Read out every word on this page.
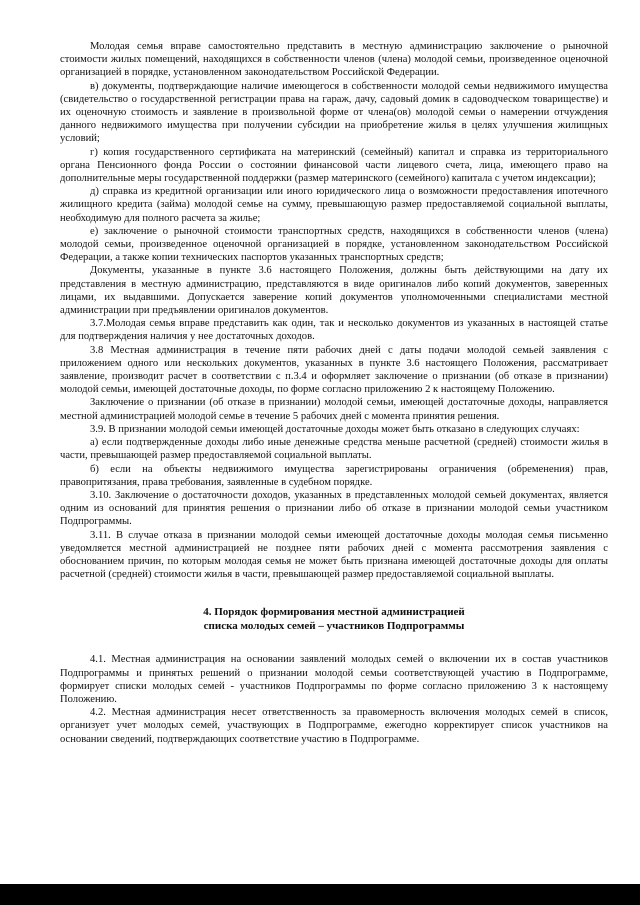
Молодая семья вправе самостоятельно представить в местную администрацию заключение о рыночной стоимости жилых помещений, находящихся в собственности членов (члена) молодой семьи, произведенное оценочной организацией в порядке, установленном законодательством Российской Федерации.

в) документы, подтверждающие наличие имеющегося в собственности молодой семьи недвижимого имущества (свидетельство о государственной регистрации права на гараж, дачу, садовый домик в садоводческом товариществе) и их оценочную стоимость и заявление в произвольной форме от члена(ов) молодой семьи о намерении отчуждения данного недвижимого имущества при получении субсидии на приобретение жилья в целях улучшения жилищных условий;

г) копия государственного сертификата на материнский (семейный) капитал и справка из территориального органа Пенсионного фонда России о состоянии финансовой части лицевого счета, лица, имеющего право на дополнительные меры государственной поддержки (размер материнского (семейного) капитала с учетом индексации);

д) справка из кредитной организации или иного юридического лица о возможности предоставления ипотечного жилищного кредита (займа) молодой семье на сумму, превышающую размер предоставляемой социальной выплаты, необходимую для полного расчета за жилье;

е) заключение о рыночной стоимости транспортных средств, находящихся в собственности членов (члена) молодой семьи, произведенное оценочной организацией в порядке, установленном законодательством Российской Федерации, а также копии технических паспортов указанных транспортных средств;

Документы, указанные в пункте 3.6 настоящего Положения, должны быть действующими на дату их представления в местную администрацию, представляются в виде оригиналов либо копий документов, заверенных лицами, их выдавшими. Допускается заверение копий документов уполномоченными специалистами местной администрации при предъявлении оригиналов документов.

3.7.Молодая семья вправе представить как один, так и несколько документов из указанных в настоящей статье для подтверждения наличия у нее достаточных доходов.

3.8 Местная администрация в течение пяти рабочих дней с даты подачи молодой семьей заявления с приложением одного или нескольких документов, указанных в пункте 3.6 настоящего Положения, рассматривает заявление, производит расчет в соответствии с п.3.4 и оформляет заключение о признании (об отказе в признании) молодой семьи, имеющей достаточные доходы, по форме согласно приложению 2 к настоящему Положению.

Заключение о признании (об отказе в признании) молодой семьи, имеющей достаточные доходы, направляется местной администрацией молодой семье в течение 5 рабочих дней с момента принятия решения.

3.9. В признании молодой семьи имеющей достаточные доходы может быть отказано в следующих случаях:

а) если подтвержденные доходы либо иные денежные средства меньше расчетной (средней) стоимости жилья в части, превышающей размер предоставляемой социальной выплаты.

б) если на объекты недвижимого имущества зарегистрированы ограничения (обременения) прав, правопритязания, права требования, заявленные в судебном порядке.

3.10. Заключение о достаточности доходов, указанных в представленных молодой семьей документах, является одним из оснований для принятия решения о признании либо об отказе в признании молодой семьи участником Подпрограммы.

3.11. В случае отказа в признании молодой семьи имеющей достаточные доходы молодая семья письменно уведомляется местной администрацией не позднее пяти рабочих дней с момента рассмотрения заявления с обоснованием причин, по которым молодая семья не может быть признана имеющей достаточные доходы для оплаты расчетной (средней) стоимости жилья в части, превышающей размер предоставляемой социальной выплаты.

4. Порядок формирования местной администрацией
списка молодых семей – участников Подпрограммы

4.1. Местная администрация на основании заявлений молодых семей о включении их в состав участников Подпрограммы и принятых решений о признании молодой семьи соответствующей участию в Подпрограмме, формирует списки молодых семей - участников Подпрограммы по форме согласно приложению 3 к настоящему Положению.

4.2. Местная администрация несет ответственность за правомерность включения молодых семей в список, организует учет молодых семей, участвующих в Подпрограмме, ежегодно корректирует список участников на основании сведений, подтверждающих соответствие участию в Подпрограмме.
